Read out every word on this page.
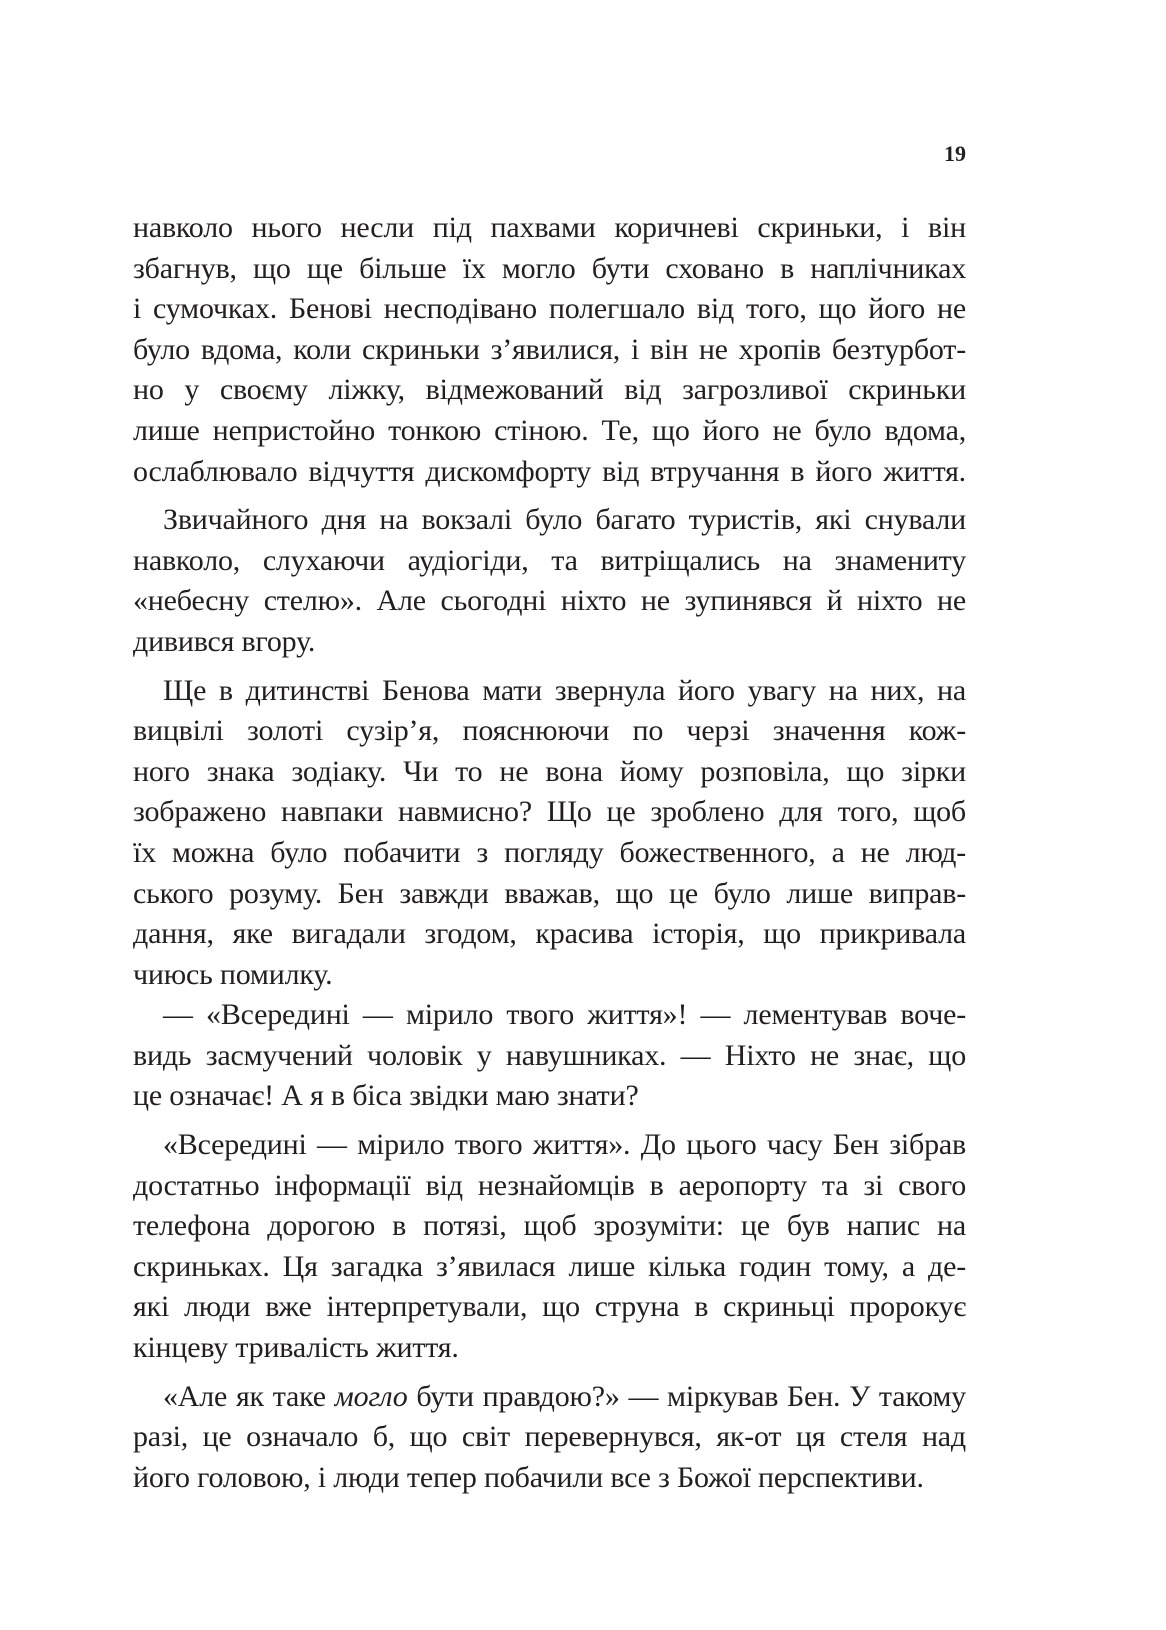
19
навколо нього несли під пахвами коричневі скриньки, і він
збагнув, що ще більше їх могло бути сховано в наплічниках
і сумочках. Бенові несподівано полегшало від того, що його не
було вдома, коли скриньки з’явилися, і він не хропів безтурбот-
но у своєму ліжку, відмежований від загрозливої скриньки
лише непристойно тонкою стіною. Те, що його не було вдома,
ослаблювало відчуття дискомфорту від втручання в його життя.
Звичайного дня на вокзалі було багато туристів, які снували
навколо, слухаючи аудіогіди, та витріщались на знамениту
«небесну стелю». Але сьогодні ніхто не зупинявся й ніхто не
дивився вгору.
Ще в дитинстві Бенова мати звернула його увагу на них, на
вицвілі золоті сузір’я, пояснюючи по черзі значення кож-
ного знака зодіаку. Чи то не вона йому розповіла, що зірки
зображено навпаки навмисно? Що це зроблено для того, щоб
їх можна було побачити з погляду божественного, а не люд-
ського розуму. Бен завжди вважав, що це було лише виправ-
дання, яке вигадали згодом, красива історія, що прикривала
чиюсь помилку.
— «Всередині — мірило твого життя»! — лементував воче-
видь засмучений чоловік у навушниках. — Ніхто не знає, що
це означає! А я в біса звідки маю знати?
«Всередині — мірило твого життя». До цього часу Бен зібрав
достатньо інформації від незнайомців в аеропорту та зі свого
телефона дорогою в потязі, щоб зрозуміти: це був напис на
скриньках. Ця загадка з’явилася лише кілька годин тому, а де-
які люди вже інтерпретували, що струна в скриньці пророкує
кінцеву тривалість життя.
«Але як таке могло бути правдою?» — міркував Бен. У такому
разі, це означало б, що світ перевернувся, як-от ця стеля над
його головою, і люди тепер побачили все з Божої перспективи.
